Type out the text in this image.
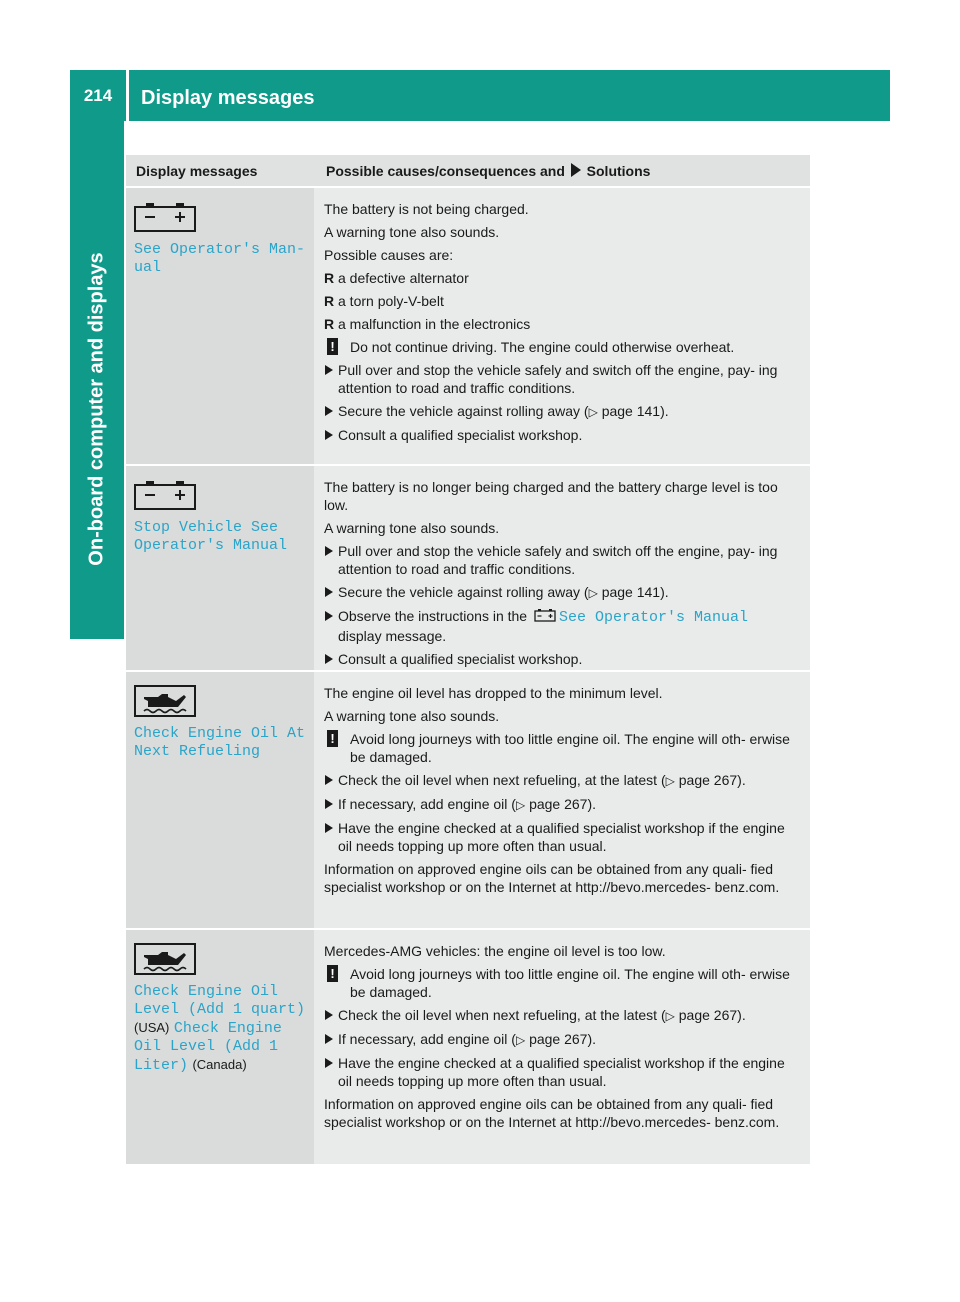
214	Display messages
On-board computer and displays
Display messages	Possible causes/consequences and Solutions
See Operator's Man‐
ual

The battery is not being charged.

A warning tone also sounds.

Possible causes are:

R a defective alternator
R a torn poly-V-belt
R a malfunction in the electronics
! Do not continue driving. The engine could otherwise overheat.
Pull over and stop the vehicle safely and switch off the engine, pay‐ ing attention to road and traffic conditions.
Secure the vehicle against rolling away (▷ page 141).
Consult a qualified specialist workshop.
Stop Vehicle See
Operator's Manual

The battery is no longer being charged and the battery charge level is too low.

A warning tone also sounds.

Pull over and stop the vehicle safely and switch off the engine, pay‐ ing attention to road and traffic conditions.
Secure the vehicle against rolling away (▷ page 141).
Observe the instructions in the See Operator's Manual
display message.
Consult a qualified specialist workshop.
Check Engine Oil At
Next Refueling

The engine oil level has dropped to the minimum level.

A warning tone also sounds.

! Avoid long journeys with too little engine oil. The engine will oth‐ erwise be damaged.
Check the oil level when next refueling, at the latest (▷ page 267).
If necessary, add engine oil (▷ page 267).
Have the engine checked at a qualified specialist workshop if the engine oil needs topping up more often than usual.

Information on approved engine oils can be obtained from any quali‐ fied specialist workshop or on the Internet at http://bevo.mercedes- benz.com.

Check Engine Oil
Level (Add 1 quart)
(USA) Check Engine
Oil Level (Add 1
Liter) (Canada)

Mercedes-AMG vehicles: the engine oil level is too low.

! Avoid long journeys with too little engine oil. The engine will oth‐ erwise be damaged.
Check the oil level when next refueling, at the latest (▷ page 267).
If necessary, add engine oil (▷ page 267).
Have the engine checked at a qualified specialist workshop if the engine oil needs topping up more often than usual.

Information on approved engine oils can be obtained from any quali‐ fied specialist workshop or on the Internet at http://bevo.mercedes- benz.com.
